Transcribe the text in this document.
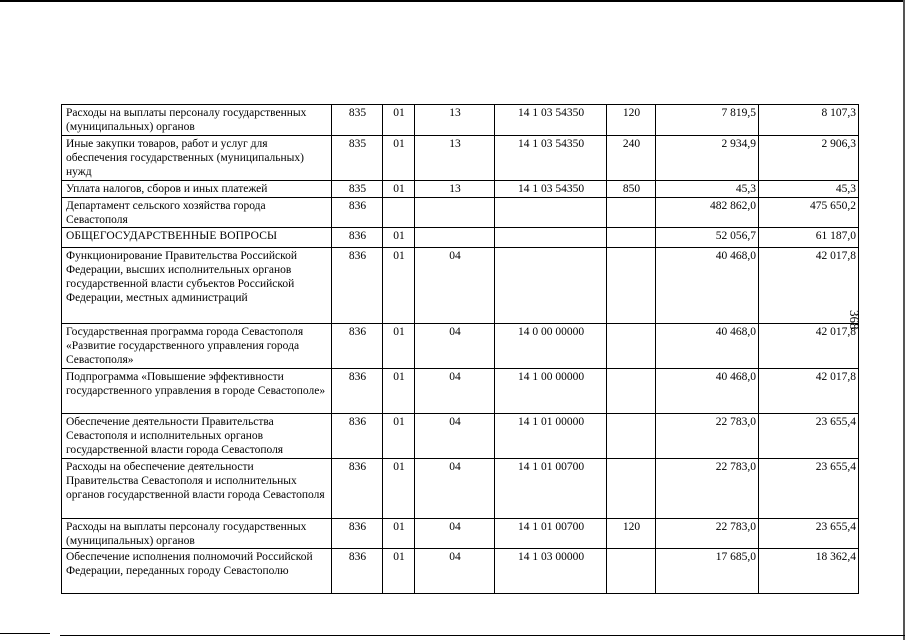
Расходы на выплаты персоналу государственных (муниципальных) органов	835	01	13	14 1 03 54350	120	7 819,5	8 107,3
Иные закупки товаров, работ и услуг для обеспечения государственных (муниципальных) нужд	835	01	13	14 1 03 54350	240	2 934,9	2 906,3
Уплата налогов, сборов и иных платежей	835	01	13	14 1 03 54350	850	45,3	45,3
Департамент сельского хозяйства города Севастополя	836					482 862,0	475 650,2
ОБЩЕГОСУДАРСТВЕННЫЕ ВОПРОСЫ	836	01				52 056,7	61 187,0
Функционирование Правительства Российской Федерации, высших исполнительных органов государственной власти субъектов Российской Федерации, местных администраций	836	01	04			40 468,0	42 017,8
Государственная программа города Севастополя «Развитие государственного управления города Севастополя»	836	01	04	14 0 00 00000		40 468,0	42 017,8
Подпрограмма «Повышение эффективности государственного управления в городе Севастополе»	836	01	04	14 1 00 00000		40 468,0	42 017,8
Обеспечение деятельности Правительства Севастополя и исполнительных органов государственной власти города Севастополя	836	01	04	14 1 01 00000		22 783,0	23 655,4
Расходы на обеспечение деятельности Правительства Севастополя и исполнительных органов государственной власти города Севастополя	836	01	04	14 1 01 00700		22 783,0	23 655,4
Расходы на выплаты персоналу государственных (муниципальных) органов	836	01	04	14 1 01 00700	120	22 783,0	23 655,4
Обеспечение исполнения полномочий Российской Федерации, переданных городу Севастополю	836	01	04	14 1 03 00000		17 685,0	18 362,4
368
